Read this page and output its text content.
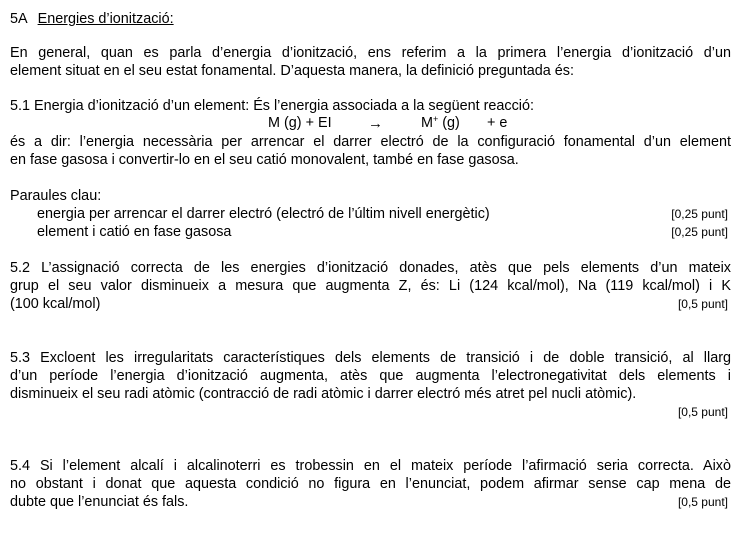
5A Energies d’ionització:
En general, quan es parla d’energia d’ionització, ens referim a la primera l’energia d’ionització d’un
element situat en el seu estat fonamental. D’aquesta manera, la definició preguntada és:
5.1 Energia d’ionització d’un element: És l’energia associada a la següent reacció:
M (g) + EI →	M+ (g) + e
és a dir: l’energia necessària per arrencar el darrer electró de la configuració fonamental d’un element
en fase gasosa i convertir-lo en el seu catió monovalent, també en fase gasosa.
Paraules clau:
energia per arrencar el darrer electró (electró de l’últim nivell energètic)	[0,25 punt]
element i catió en fase gasosa	[0,25 punt]
5.2 L’assignació correcta de les energies d’ionització donades, atès que pels elements d’un mateix
grup el seu valor disminueix a mesura que augmenta Z, és: Li (124 kcal/mol), Na (119 kcal/mol) i K
(100 kcal/mol)	[0,5 punt]
5.3 Excloent les irregularitats característiques dels elements de transició i de doble transició, al llarg
d’un període l’energia d’ionització augmenta, atès que augmenta l’electronegativitat dels elements i
disminueix el seu radi atòmic (contracció de radi atòmic i darrer electró més atret pel nucli atòmic).
[0,5 punt]
5.4 Si l’element alcalí i alcalinoterri es trobessin en el mateix període l’afirmació seria correcta. Això
no obstant i donat que aquesta condició no figura en l’enunciat, podem afirmar sense cap mena de
dubte que l’enunciat és fals.	[0,5 punt]
